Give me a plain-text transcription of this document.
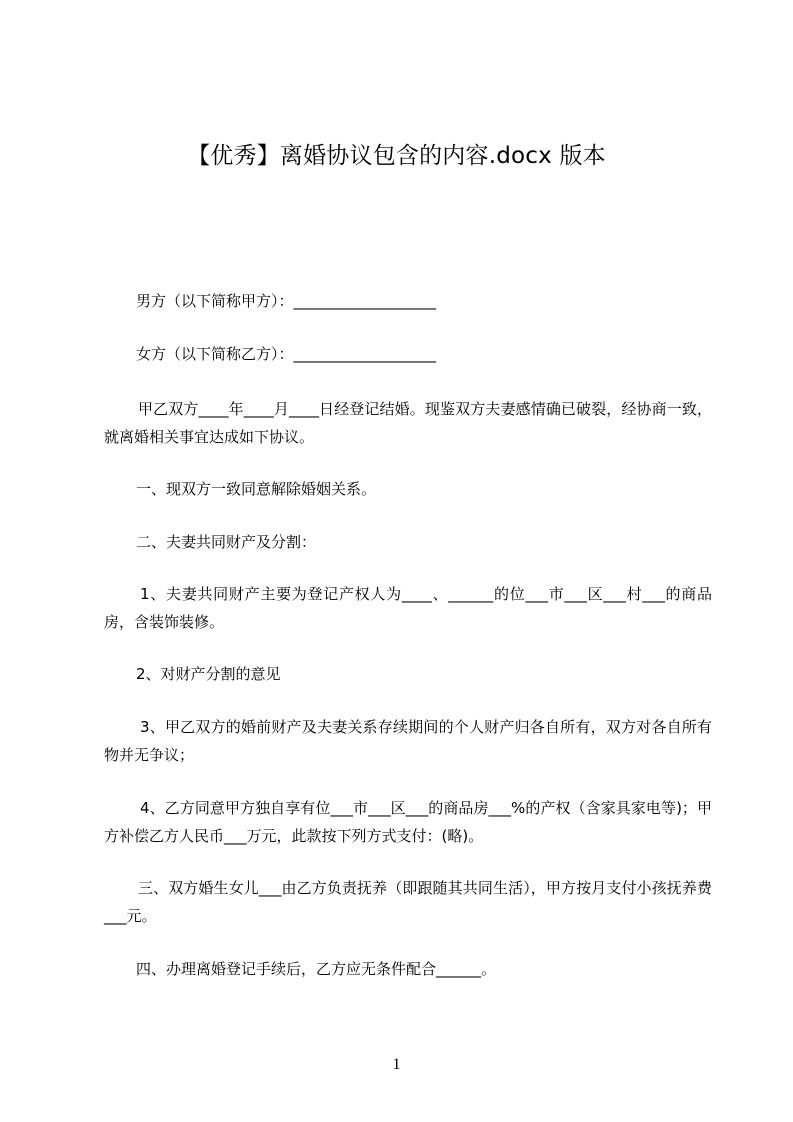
【优秀】离婚协议包含的内容.docx 版本
男方（以下简称甲方）：___________________
女方（以下简称乙方）：___________________
甲乙双方____年____月____日经登记结婚。现鉴双方夫妻感情确已破裂，经协商一致，就离婚相关事宜达成如下协议。
一、现双方一致同意解除婚姻关系。
二、夫妻共同财产及分割：
1、夫妻共同财产主要为登记产权人为____、______的位___市___区___村___的商品房，含装饰装修。
2、对财产分割的意见
3、甲乙双方的婚前财产及夫妻关系存续期间的个人财产归各自所有，双方对各自所有物并无争议；
4、乙方同意甲方独自享有位___市___区___的商品房___%的产权（含家具家电等)；甲方补偿乙方人民币___万元，此款按下列方式支付：(略)。
三、双方婚生女儿___由乙方负责抚养（即跟随其共同生活），甲方按月支付小孩抚养费___元。
四、办理离婚登记手续后，乙方应无条件配合______。
1
